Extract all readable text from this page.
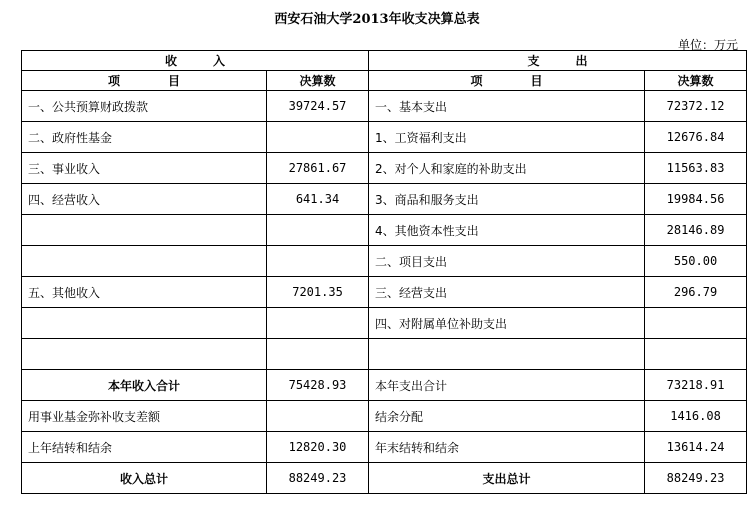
西安石油大学2013年收支决算总表
单位：万元
收　　　入		支　　　出	
项　　　　目	决算数	项　　　　目	决算数
一、公共预算财政拨款	39724.57	一、基本支出	72372.12
二、政府性基金		1、工资福利支出	12676.84
三、事业收入	27861.67	2、对个人和家庭的补助支出	11563.83
四、经营收入	641.34	3、商品和服务支出	19984.56
		4、其他资本性支出	28146.89
		二、项目支出	550.00
五、其他收入	7201.35	三、经营支出	296.79
		四、对附属单位补助支出	

本年收入合计	75428.93	本年支出合计	73218.91
用事业基金弥补收支差额		结余分配	1416.08
上年结转和结余	12820.30	年末结转和结余	13614.24
收入总计	88249.23	支出总计	88249.23
